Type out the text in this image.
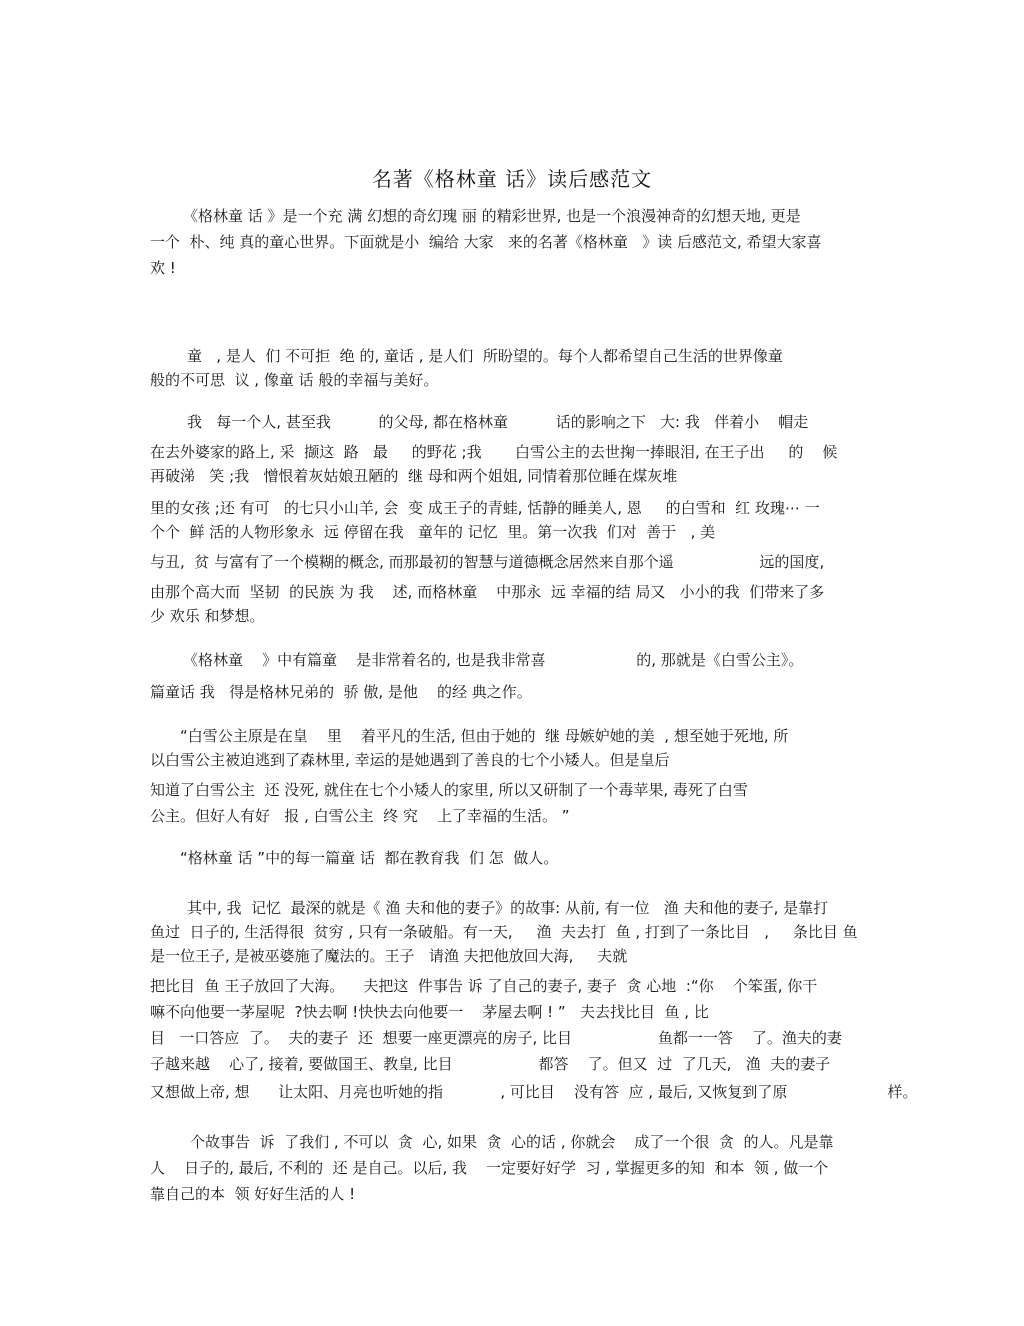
名著《格林童 话》读后感范文
《格林童 话 》是一个充 满 幻想的奇幻瑰 丽 的精彩世界, 也是一个浪漫神奇的幻想天地, 更是
一个  朴、纯 真的童心世界。下面就是小  编给 大家   来的名著《格林童   》读 后感范文, 希望大家喜
欢 !
童   , 是人  们 不可拒  绝 的, 童话 , 是人们  所盼望的。每个人都希望自己生活的世界像童
般的不可思  议 , 像童 话 般的幸福与美好。
我   每一个人, 甚至我          的父母, 都在格林童          话的影响之下   大: 我   伴着小    帽走
在去外婆家的路上, 采  撷这  路   最     的野花 ;我       白雪公主的去世掬一捧眼泪, 在王子出     的    候
再破涕   笑 ;我   憎恨着灰姑娘丑陋的  继 母和两个姐姐, 同情着那位睡在煤灰堆
里的女孩 ;还 有可   的七只小山羊, 会  变 成王子的青蛙, 恬静的睡美人, 恩     的白雪和  红 玫瑰⋯ 一
个个  鲜 活的人物形象永  远 停留在我   童年的 记忆  里。第一次我  们对  善于   , 美
与丑,  贫 与富有了一个模糊的概念, 而那最初的智慧与道德概念居然来自那个遥                  远的国度,
由那个高大而  坚韧  的民族 为 我    述, 而格林童    中那永  远 幸福的结 局又   小小的我  们带来了多
少 欢乐 和梦想。
《格林童    》中有篇童    是非常着名的, 也是我非常喜                   的, 那就是《白雪公主》。
篇童话 我   得是格林兄弟的  骄 傲, 是他    的经 典之作。
“白雪公主原是在皇    里    着平凡的生活, 但由于她的  继 母嫉妒她的美  , 想至她于死地, 所
以白雪公主被迫逃到了森林里, 幸运的是她遇到了善良的七个小矮人。但是皇后
知道了白雪公主  还 没死, 就住在七个小矮人的家里, 所以又研制了一个毒苹果, 毒死了白雪
公主。但好人有好   报 , 白雪公主  终 究    上了幸福的生活。 ”
“格林童 话 ”中的每一篇童 话  都在教育我  们 怎  做人。
其中, 我  记忆  最深的就是《 渔 夫和他的妻子》的故事: 从前, 有一位   渔 夫和他的妻子, 是靠打
鱼过  日子的, 生活得很  贫穷 , 只有一条破船。有一天,     渔  夫去打  鱼 , 打到了一条比目   ,     条比目 鱼
是一位王子, 是被巫婆施了魔法的。王子   请渔 夫把他放回大海,     夫就
把比目  鱼 王子放回了大海。    夫把这  件事告 诉 了自己的妻子, 妻子  贪 心地  :“你    个笨蛋, 你干
嘛不向他要一茅屋呢  ?快去啊 !快快去向他要一    茅屋去啊 ! ”   夫去找比目  鱼 , 比
目   一口答应  了。  夫的妻子  还  想要一座更漂亮的房子, 比目                  鱼都一一答    了。渔夫的妻
子越来越    心了, 接着, 要做国王、教皇, 比目                  都答    了。但又  过  了几天,   渔  夫的妻子
又想做上帝, 想      让太阳、月亮也听她的指            , 可比目    没有答  应 , 最后, 又恢复到了原                     样。
个故事告  诉  了我们 , 不可以  贪  心, 如果  贪  心的话 , 你就会    成了一个很  贪  的人。凡是靠
人    日子的, 最后, 不利的  还 是自己。以后, 我    一定要好好学  习 , 掌握更多的知  和本  领 , 做一个
靠自己的本  领 好好生活的人 !
